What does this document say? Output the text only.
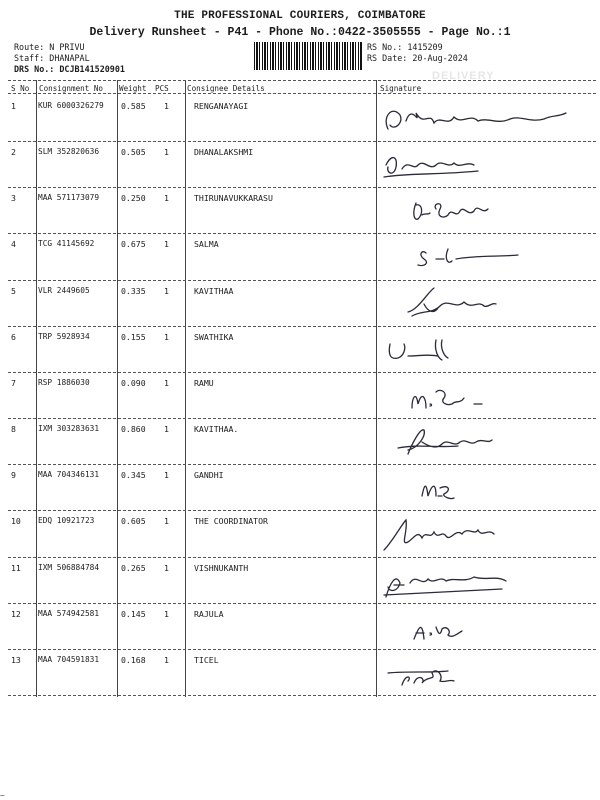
THE PROFESSIONAL COURIERS, COIMBATORE
Delivery Runsheet - P41 - Phone No.:0422-3505555 - Page No.:1
Route: N PRIVU
Staff: DHANAPAL
DRS No.: DCJB141520901
RS No.: 1415209
RS Date: 20-Aug-2024
DELIVERY
S No Consignment No Weight PCS Consignee Details	Signature
1	KUR 6000326279 0.585 1	RENGANAYAGI
2	SLM 352820636	0.505 1	DHANALAKSHMI
3	MAA 571173079	0.250 1	THIRUNAVUKKARASU
4	TCG 41145692	0.675 1	SALMA
5	VLR 2449605	0.335 1	KAVITHAA
6	TRP 5928934	0.155 1	SWATHIKA
7	RSP 1886030	0.090 1	RAMU
8	IXM 303283631	0.860 1	KAVITHAA.
9	MAA 704346131	0.345 1	GANDHI
10 EDQ 10921723	0.605 1	THE COORDINATOR
11 IXM 506884784	0.265 1	VISHNUKANTH
12 MAA 574942581	0.145 1	RAJULA
13 MAA 704591831	0.168 1	TICEL
~
